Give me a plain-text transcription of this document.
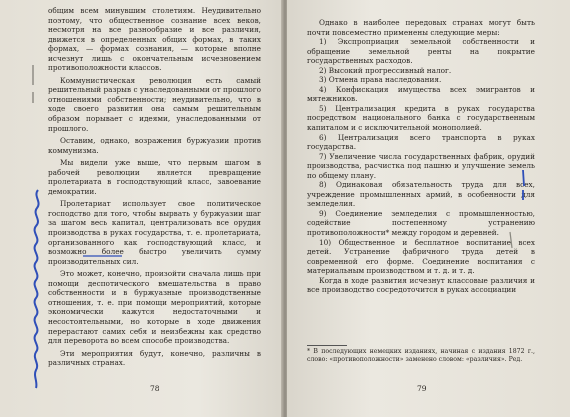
общим всем минувшим столетиям. Неудивительно поэтому, что общественное сознание всех веков, несмотря на все разнообразие и все различия, движется в определенных общих формах, в таких формах, — формах сознания, — которые вполне исчезнут лишь с окончательным исчезновением противоположности классов.

Коммунистическая революция есть самый решительный разрыв с унаследованными от прошлого отношениями собственности; неудивительно, что в ходе своего развития она самым решительным образом порывает с идеями, унаследованными от прошлого.

Оставим, однако, возражения буржуазии против коммунизма.

Мы видели уже выше, что первым шагом в рабочей революции является превращение пролетариата в господствующий класс, завоевание демократии.

Пролетариат использует свое политическое господство для того, чтобы вырвать у буржуазии шаг за шагом весь капитал, централизовать все орудия производства в руках государства, т. е. пролетариата, организованного как господствующий класс, и возможно более быстро увеличить сумму производительных сил.

Это может, конечно, произойти сначала лишь при помощи деспотического вмешательства в право собственности и в буржуазные производственные отношения, т. е. при помощи мероприятий, которые экономически кажутся недостаточными и несостоятельными, но которые в ходе движения перерастают самих себя и неизбежны как средство для переворота во всем способе производства.

Эти мероприятия будут, конечно, различны в различных странах.

78

Однако в наиболее передовых странах могут быть почти повсеместно применены следующие меры:

1) Экспроприация земельной собственности и обращение земельной ренты на покрытие государственных расходов.

2) Высокий прогрессивный налог.

3) Отмена права наследования.

4) Конфискация имущества всех эмигрантов и мятежников.

5) Централизация кредита в руках государства посредством национального банка с государственным капиталом и с исключительной монополией.

6) Централизация всего транспорта в руках государства.

7) Увеличение числа государственных фабрик, орудий производства, расчистка под пашню и улучшение земель по общему плану.

8) Одинаковая обязательность труда для всех, учреждение промышленных армий, в особенности для земледелия.

9) Соединение земледелия с промышленностью, содействие постепенному устранению противоположности* между городом и деревней.

10) Общественное и бесплатное воспитание всех детей. Устранение фабричного труда детей в современной его форме. Соединение воспитания с материальным производством и т. д. и т. д.

Когда в ходе развития исчезнут классовые различия и все производство сосредоточится в руках ассоциации

* В последующих немецких изданиях, начиная с издания 1872 г., слово: «противоположности» заменено словом: «различия». Ред.
79
